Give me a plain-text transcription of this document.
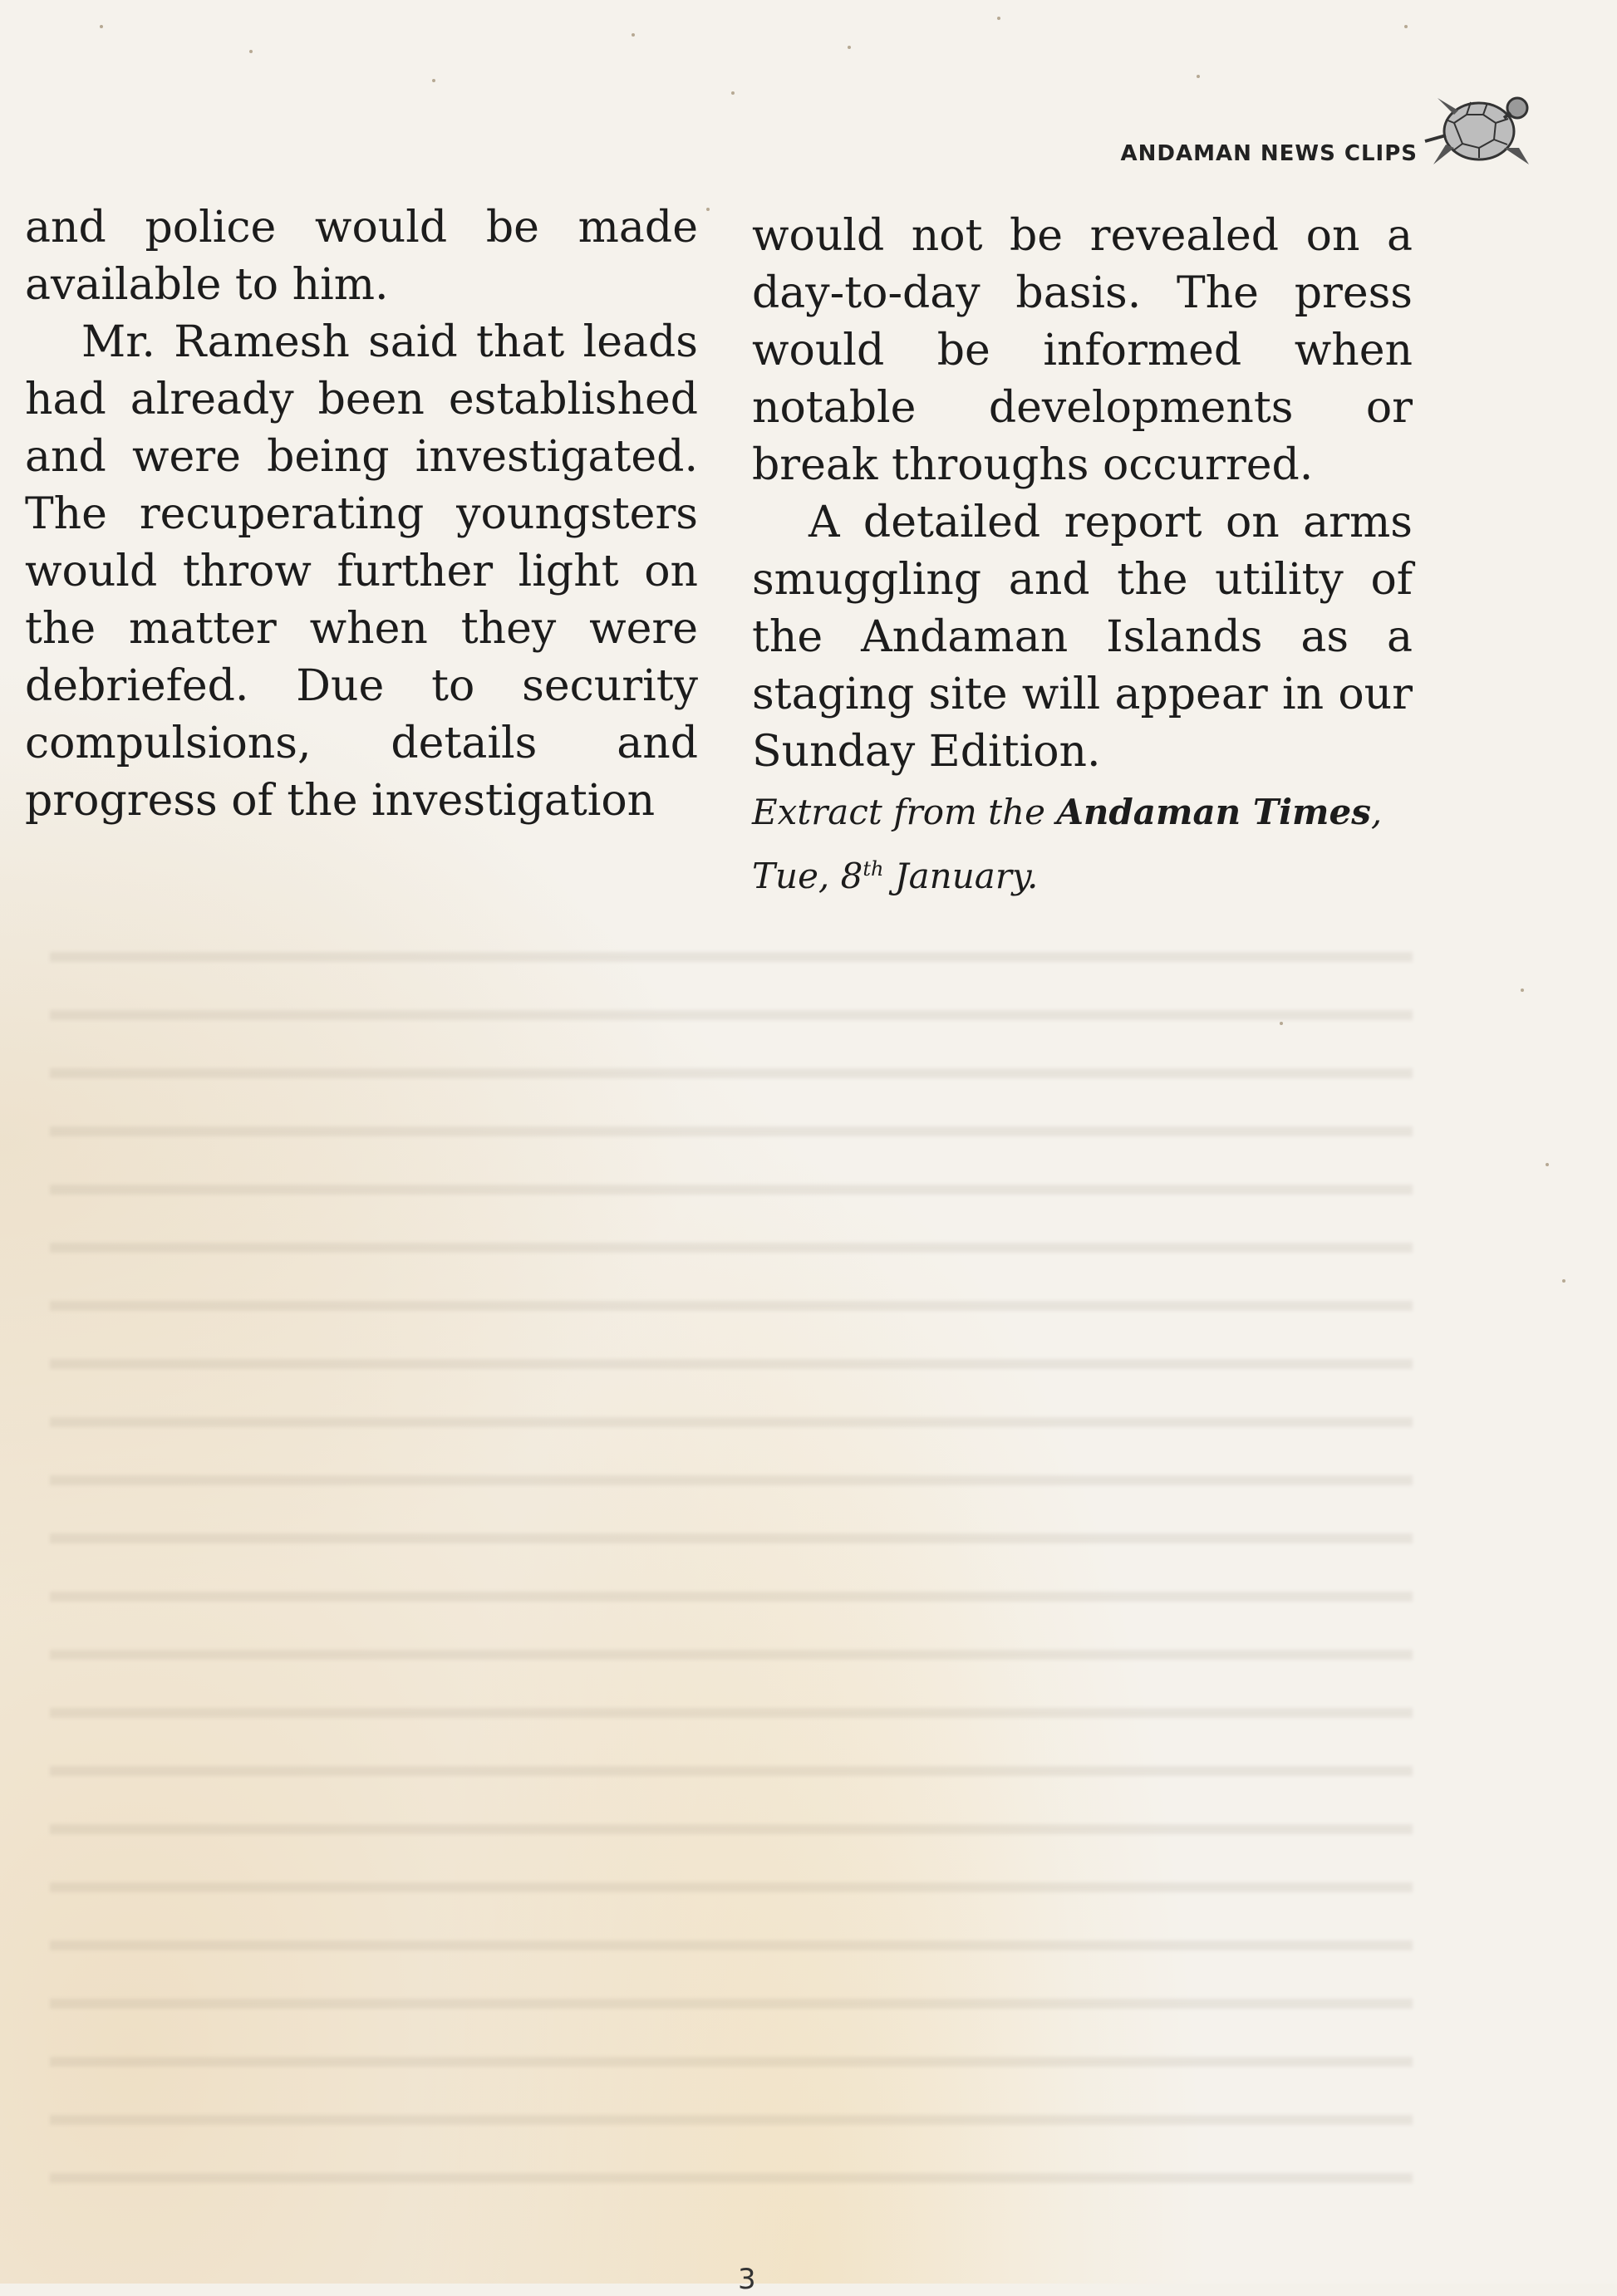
ANDAMAN NEWS CLIPS

and police would be made available to him.

Mr. Ramesh said that leads had already been established and were being investigated. The recuperating youngsters would throw further light on the matter when they were debriefed. Due to security compulsions, details and progress of the investigation

would not be revealed on a day-to-day basis. The press would be informed when notable developments or break throughs occurred.

A detailed report on arms smuggling and the utility of the Andaman Islands as a staging site will appear in our Sunday Edition.

Extract from the Andaman Times, Tue, 8th January.

3
